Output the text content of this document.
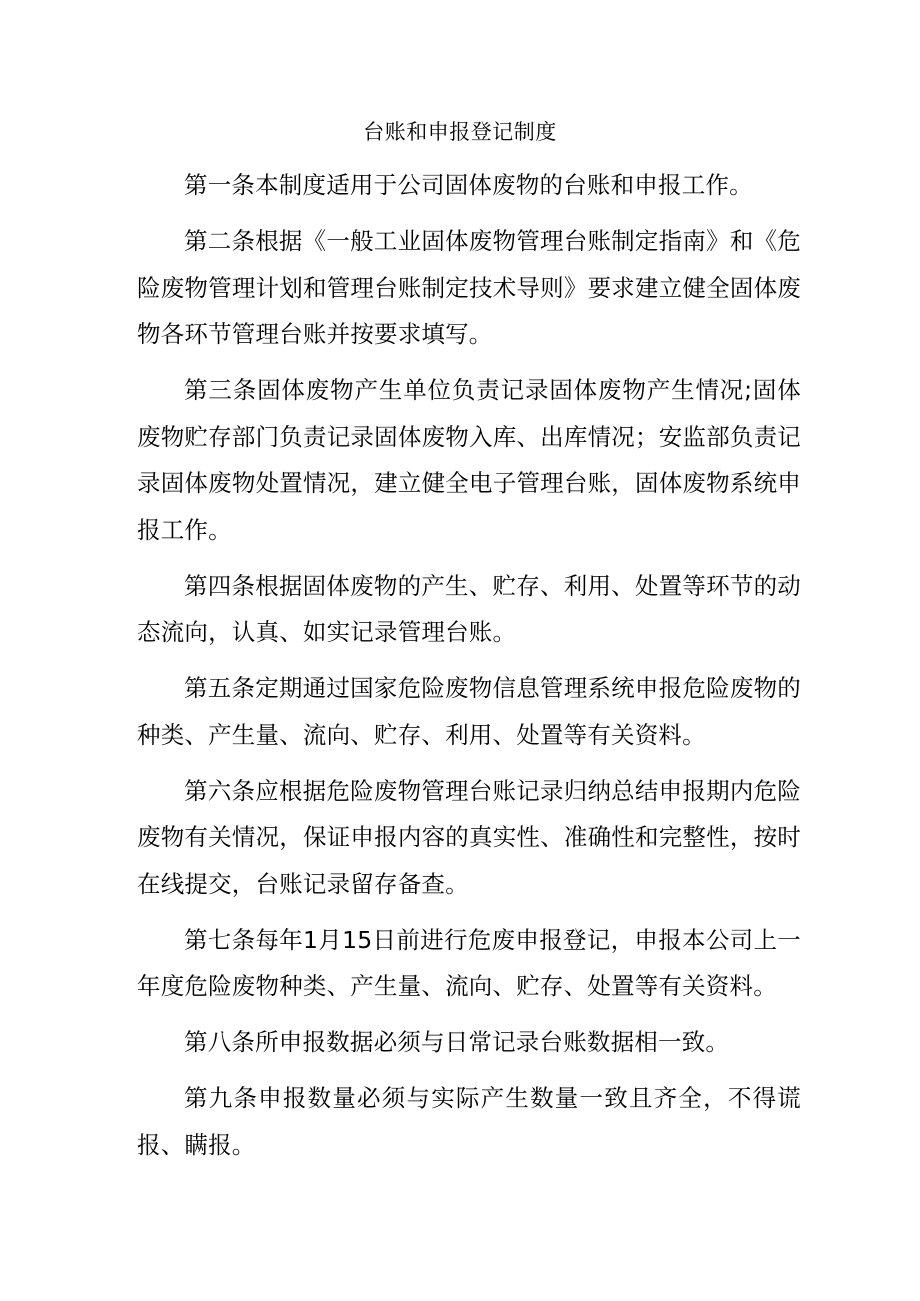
台账和申报登记制度

第一条本制度适用于公司固体废物的台账和申报工作。

第二条根据《一般工业固体废物管理台账制定指南》和《危险废物管理计划和管理台账制定技术导则》要求建立健全固体废物各环节管理台账并按要求填写。

第三条固体废物产生单位负责记录固体废物产生情况;固体废物贮存部门负责记录固体废物入库、出库情况；安监部负责记录固体废物处置情况，建立健全电子管理台账，固体废物系统申报工作。

第四条根据固体废物的产生、贮存、利用、处置等环节的动态流向，认真、如实记录管理台账。

第五条定期通过国家危险废物信息管理系统申报危险废物的种类、产生量、流向、贮存、利用、处置等有关资料。

第六条应根据危险废物管理台账记录归纳总结申报期内危险废物有关情况，保证申报内容的真实性、准确性和完整性，按时在线提交，台账记录留存备查。

第七条每年1月15日前进行危废申报登记，申报本公司上一年度危险废物种类、产生量、流向、贮存、处置等有关资料。

第八条所申报数据必须与日常记录台账数据相一致。

第九条申报数量必须与实际产生数量一致且齐全，不得谎报、瞒报。
